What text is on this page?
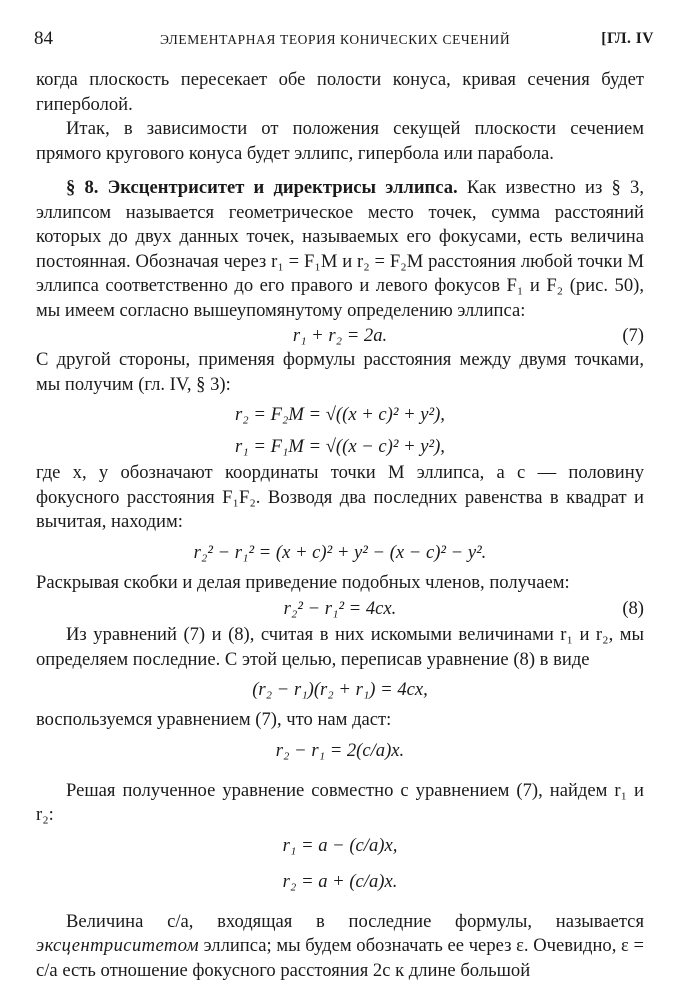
84	ЭЛЕМЕНТАРНАЯ ТЕОРИЯ КОНИЧЕСКИХ СЕЧЕНИЙ	[ГЛ. IV

когда плоскость пересекает обе полости конуса, кривая сечения будет гиперболой.

Итак, в зависимости от положения секущей плоскости сечением прямого кругового конуса будет эллипс, гипербола или парабола.

§ 8. Эксцентриситет и директрисы эллипса. Как известно из § 3, эллипсом называется геометрическое место точек, сумма расстояний которых до двух данных точек, называемых его фокусами, есть величина постоянная. Обозначая через r₁ = F₁M и r₂ = F₂M расстояния любой точки M эллипса соответственно до его правого и левого фокусов F₁ и F₂ (рис. 50), мы имеем согласно вышеупомянутому определению эллипса:

r₁ + r₂ = 2a.	(7)

С другой стороны, применяя формулы расстояния между двумя точками, мы получим (гл. IV, § 3):

r₂ = F₂M = √((x + c)² + y²),
r₁ = F₁M = √((x − c)² + y²),

где x, y обозначают координаты точки M эллипса, а c — половину фокусного расстояния F₁F₂. Возводя два последних равенства в квадрат и вычитая, находим:

r₂² − r₁² = (x + c)² + y² − (x − c)² − y².

Раскрывая скобки и делая приведение подобных членов, получаем:

r₂² − r₁² = 4cx.	(8)

Из уравнений (7) и (8), считая в них искомыми величинами r₁ и r₂, мы определяем последние. С этой целью, переписав уравнение (8) в виде

(r₂ − r₁)(r₂ + r₁) = 4cx,

воспользуемся уравнением (7), что нам даст:

r₂ − r₁ = 2(c/a)x.

Решая полученное уравнение совместно с уравнением (7), найдем r₁ и r₂:

r₁ = a − (c/a)x,
r₂ = a + (c/a)x.

Величина c/a, входящая в последние формулы, называется эксцентриситетом эллипса; мы будем обозначать ее через ε. Очевидно, ε = c/a есть отношение фокусного расстояния 2c к длине большой
